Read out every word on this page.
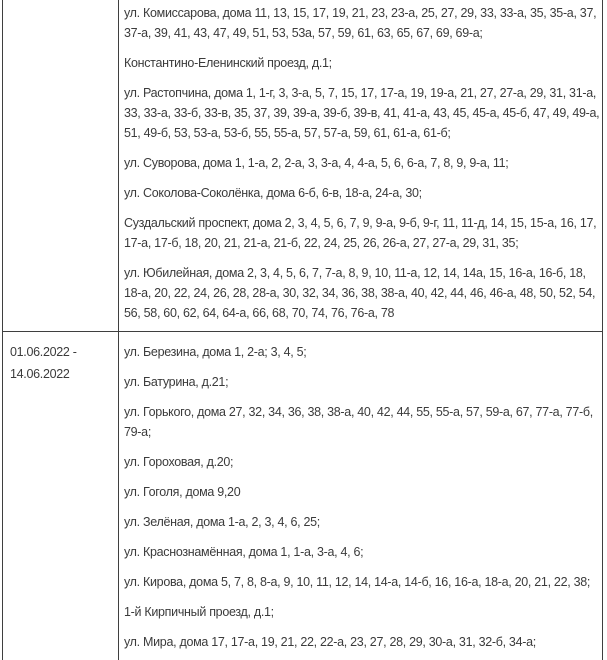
ул. Комиссарова, дома 11, 13, 15, 17, 19, 21, 23, 23-а, 25, 27, 29, 33, 33-а, 35, 35-а, 37, 37-а, 39, 41, 43, 47, 49, 51, 53, 53а, 57, 59, 61, 63, 65, 67, 69, 69-а;

Константино-Еленинский проезд, д.1;

ул. Растопчина, дома 1, 1-г, 3, 3-а, 5, 7, 15, 17, 17-а, 19, 19-а, 21, 27, 27-а, 29, 31, 31-а, 33, 33-а, 33-б, 33-в, 35, 37, 39, 39-а, 39-б, 39-в, 41, 41-а, 43, 45, 45-а, 45-б, 47, 49, 49-а, 51, 49-б, 53, 53-а, 53-б, 55, 55-а, 57, 57-а, 59, 61, 61-а, 61-б;

ул. Суворова, дома 1, 1-а, 2, 2-а, 3, 3-а, 4, 4-а, 5, 6, 6-а, 7, 8, 9, 9-а, 11;

ул. Соколова-Соколёнка, дома 6-б, 6-в, 18-а, 24-а, 30;

Суздальский проспект, дома 2, 3, 4, 5, 6, 7, 9, 9-а, 9-б, 9-г, 11, 11-д, 14, 15, 15-а, 16, 17, 17-а, 17-б, 18, 20, 21, 21-а, 21-б, 22, 24, 25, 26, 26-а, 27, 27-а, 29, 31, 35;

ул. Юбилейная, дома 2, 3, 4, 5, 6, 7, 7-а, 8, 9, 10, 11-а, 12, 14, 14а, 15, 16-а, 16-б, 18, 18-а, 20, 22, 24, 26, 28, 28-а, 30, 32, 34, 36, 38, 38-а, 40, 42, 44, 46, 46-а, 48, 50, 52, 54, 56, 58, 60, 62, 64, 64-а, 66, 68, 70, 74, 76, 76-а, 78

01.06.2022 - 14.06.2022

ул. Березина, дома 1, 2-а; 3, 4, 5;

ул. Батурина, д.21;

ул. Горького, дома 27, 32, 34, 36, 38, 38-а, 40, 42, 44, 55, 55-а, 57, 59-а, 67, 77-а, 77-б, 79-а;

ул. Гороховая, д.20;

ул. Гоголя, дома 9,20

ул. Зелёная, дома 1-а, 2, 3, 4, 6, 25;

ул. Краснознамённая, дома 1, 1-а, 3-а, 4, 6;

ул. Кирова, дома 5, 7, 8, 8-а, 9, 10, 11, 12, 14, 14-а, 14-б, 16, 16-а, 18-а, 20, 21, 22, 38;

1-й Кирпичный проезд, д.1;

ул. Мира, дома 17, 17-а, 19, 21, 22, 22-а, 23, 27, 28, 29, 30-а, 31, 32-б, 34-а;
